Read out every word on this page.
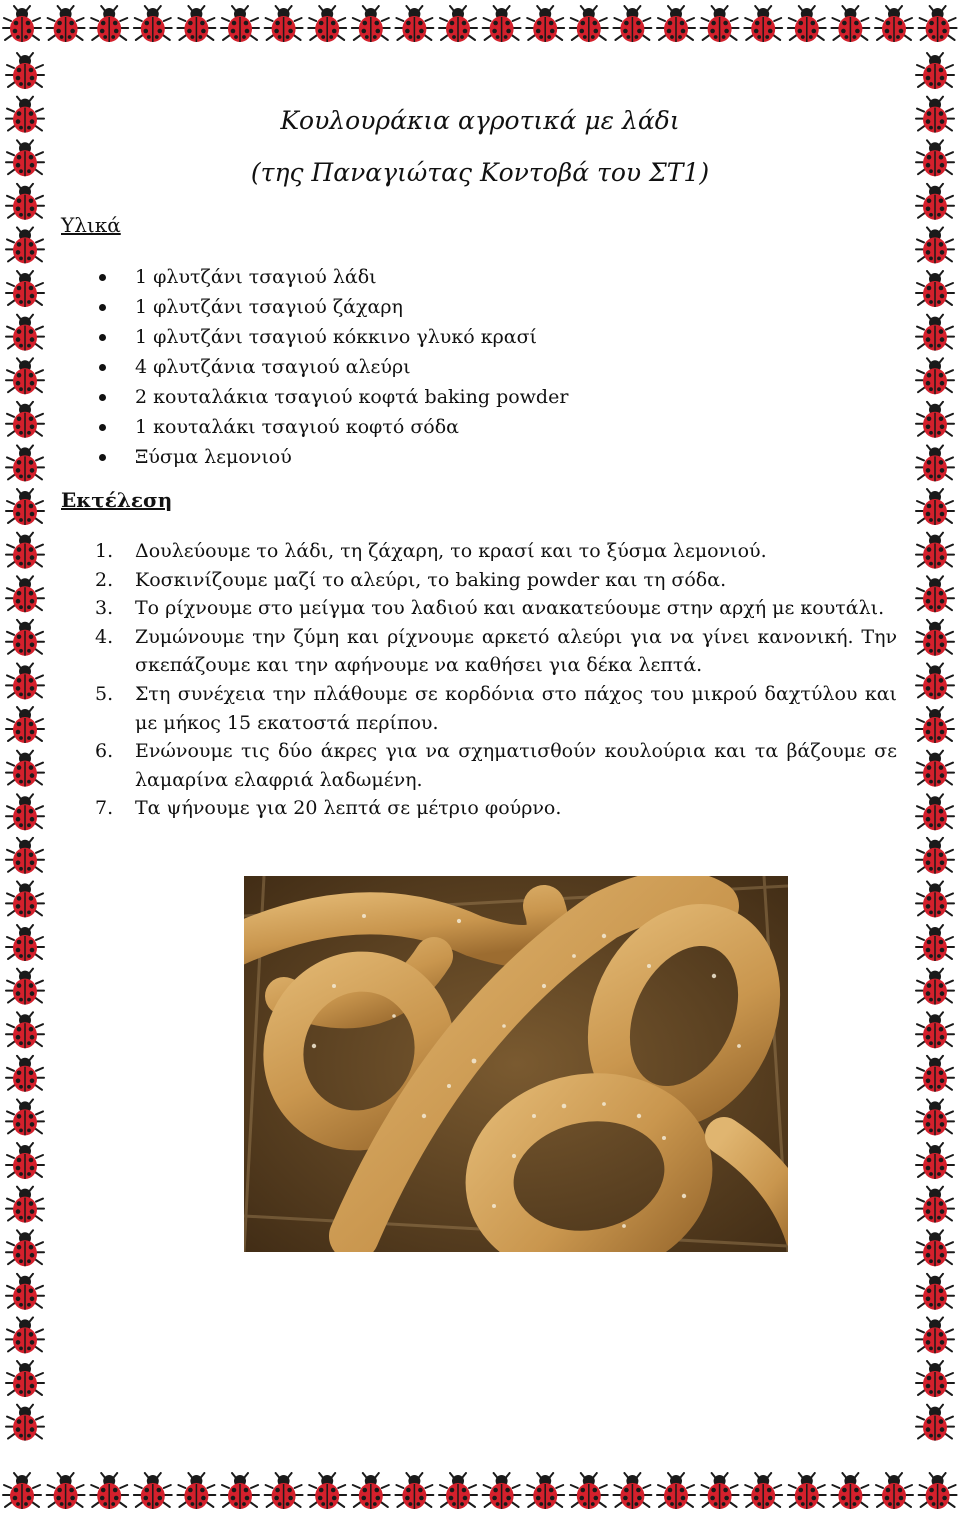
Κουλουράκια αγροτικά με λάδι
(της Παναγιώτας Κοντοβά του ΣΤ1)
Υλικά
1 φλυτζάνι τσαγιού λάδι
1 φλυτζάνι τσαγιού ζάχαρη
1 φλυτζάνι τσαγιού κόκκινο γλυκό κρασί
4 φλυτζάνια τσαγιού αλεύρι
2 κουταλάκια τσαγιού κοφτά baking powder
1 κουταλάκι τσαγιού κοφτό σόδα
Ξύσμα λεμονιού
Εκτέλεση
1.	Δουλεύουμε το λάδι, τη ζάχαρη, το κρασί και το ξύσμα λεμονιού.
2.	Κοσκινίζουμε μαζί το αλεύρι, το baking powder και τη σόδα.
3.	Το ρίχνουμε στο μείγμα του λαδιού και ανακατεύουμε στην αρχή με κουτάλι.
4.	Ζυμώνουμε την ζύμη και ρίχνουμε αρκετό αλεύρι για να γίνει κανονική. Την σκεπάζουμε και την αφήνουμε να καθήσει για δέκα λεπτά.
5.	Στη συνέχεια την πλάθουμε σε κορδόνια στο πάχος του μικρού δαχτύλου και με μήκος 15 εκατοστά περίπου.
6.	Ενώνουμε τις δύο άκρες για να σχηματισθούν κουλούρια και τα βάζουμε σε λαμαρίνα ελαφριά λαδωμένη.
7.	Τα ψήνουμε για 20 λεπτά σε μέτριο φούρνο.
